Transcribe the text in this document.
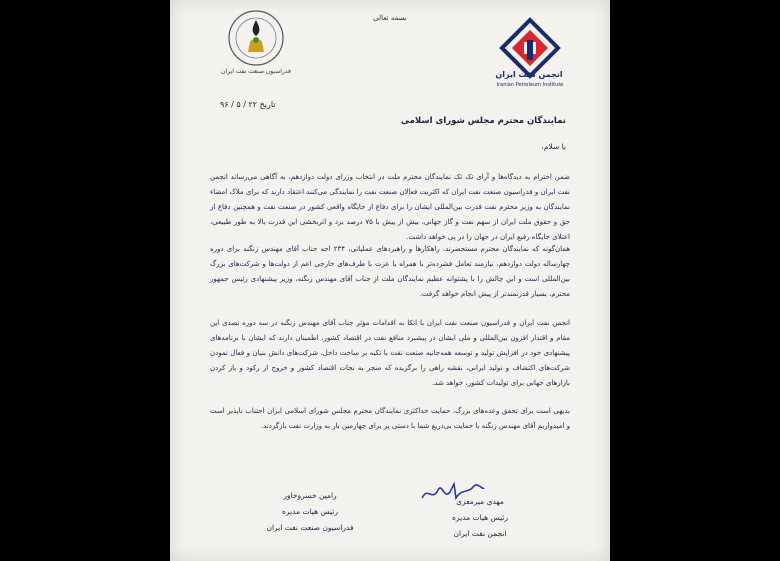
بسمه تعالی
انجمن نفت ایران
Iranian Petroleum Institute
فدراسیون صنعت نفت ایران
تاریخ ۲۲ / ۵ / ۹۶
نمایندگان محترم مجلس شورای اسلامی
با سلام،
ضمن احترام به دیدگاه‌ها و آرای تک تک نمایندگان محترم ملت در انتخاب وزرای دولت دوازدهم، به آگاهی می‌رساند انجمن نفت ایران و فدراسیون صنعت نفت ایران که اکثریت فعالان صنعت نفت را نمایندگی می‌کنند اعتقاد دارند که برای ملاک امضاء نمایندگان به وزیر محترم نفت قدرت بین‌المللی ایشان را برای دفاع از جایگاه واقعی کشور در صنعت نفت و همچنین دفاع از حق و حقوق ملت ایران از سهم نفت و گاز جهانی، بیش از پیش با ۷۵ درصد برد و اثربخشی این قدرت بالا به طور طبیعی، اعتلای جایگاه رفیع ایران در جهان را در پی خواهد داشت.
همان‌گونه که نمایندگان محترم مستحضرند، راهکارها و راهبردهای عملیاتی، ۲۳۴ اجه جناب آقای مهندس زنگنه برای دوره چهارساله دولت دوازدهم، نیازمند تعامل فشرده‌تر با همراه با عزت با طرف‌های خارجی اعم از دولت‌ها و شرکت‌های بزرگ بین‌المللی است و این چالش را با پشتوانه عظیم نمایندگان ملت از جناب آقای مهندس زنگنه، وزیر پیشنهادی رئیس جمهور محترم، بسیار قدرتمندتر از پیش انجام خواهد گرفت.
انجمن نفت ایران و فدراسیون صنعت نفت ایران با اتکا به اقدامات مؤثر جناب آقای مهندس زنگنه در سه دوره تصدی این مقام و اقتدار افزون بین‌المللی و ملی ایشان در پیشبرد منافع نفت در اقتصاد کشور، اطمینان دارند که ایشان با برنامه‌های پیشنهادی خود در افزایش تولید و توسعه همه‌جانبه صنعت نفت با تکیه بر ساخت داخل، شرکت‌های دانش بنیان و فعال نمودن شرکت‌های اکتشاف و تولید ایرانی، نقشه راهی را برگزیده که منجر به نجات اقتصاد کشور و خروج از رکود و باز کردن بازارهای جهانی برای تولیدات کشور، خواهد شد.
بدیهی است برای تحقق وعده‌های بزرگ، حمایت حداکثری نمایندگان محترم مجلس شورای اسلامی ایران اجتناب ناپذیر است و امیدواریم آقای مهندس زنگنه با حمایت بی‌دریغ شما با دستی پر برای چهارمین بار به وزارت نفت بازگردند.
مهدی میرمعزی
رئیس هیات مدیره
انجمن نفت ایران
رامین خسروخاور
رئیس هیات مدیره
فدراسیون صنعت نفت ایران
